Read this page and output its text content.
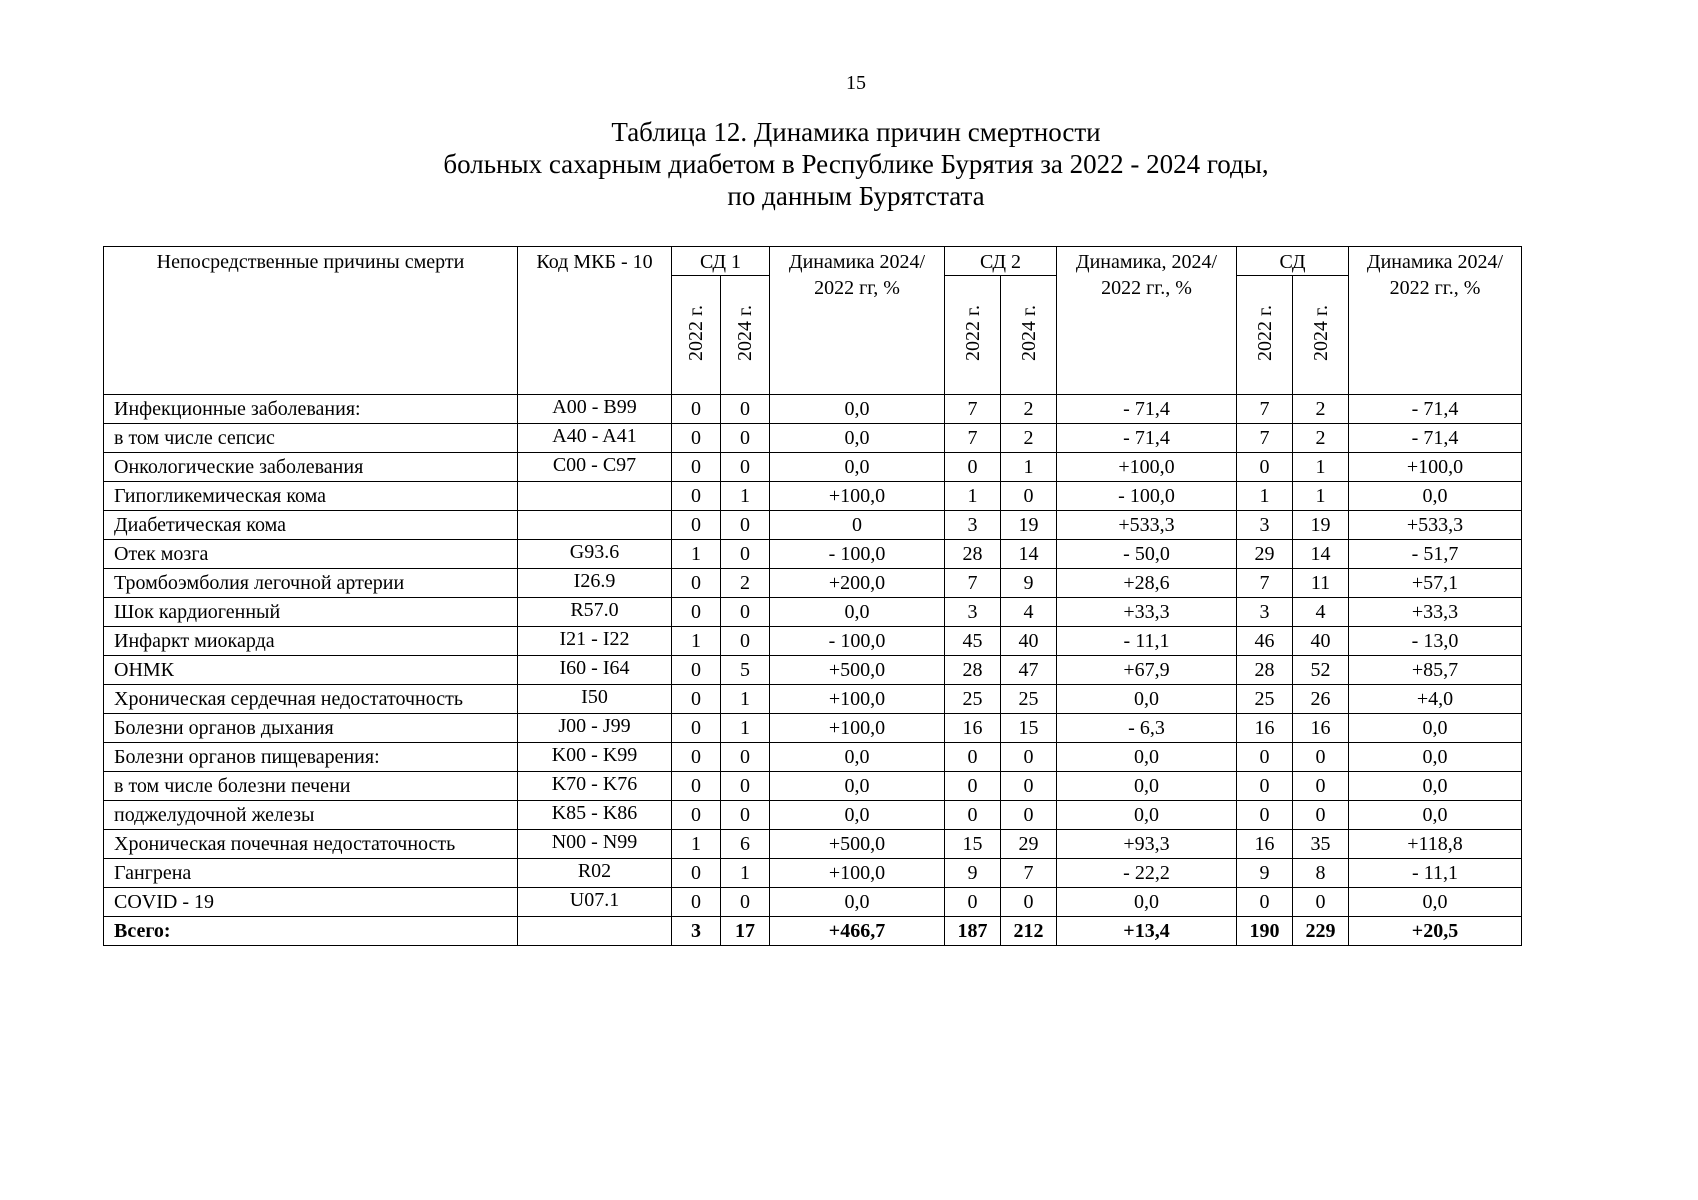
15
Таблица 12. Динамика причин смертности
больных сахарным диабетом в Республике Бурятия за 2022 - 2024 годы,
по данным Бурятстата
Непосредственные причины смерти	Код МКБ - 10	СД 1		Динамика 2024/ 2022 гг, %	СД 2		Динамика, 2024/ 2022 гг., %	СД		Динамика 2024/ 2022 гг., %
		2022 г.	2024 г.		2022 г.	2024 г.		2022 г.	2024 г.	
Инфекционные заболевания:	A00 - B99	0	0	0,0	7	2	- 71,4	7	2	- 71,4
в том числе сепсис	A40 - A41	0	0	0,0	7	2	- 71,4	7	2	- 71,4
Онкологические заболевания	C00 - C97	0	0	0,0	0	1	+100,0	0	1	+100,0
Гипогликемическая кома		0	1	+100,0	1	0	- 100,0	1	1	0,0
Диабетическая кома		0	0	0	3	19	+533,3	3	19	+533,3
Отек мозга	G93.6	1	0	- 100,0	28	14	- 50,0	29	14	- 51,7
Тромбоэмболия легочной артерии	I26.9	0	2	+200,0	7	9	+28,6	7	11	+57,1
Шок кардиогенный	R57.0	0	0	0,0	3	4	+33,3	3	4	+33,3
Инфаркт миокарда	I21 - I22	1	0	- 100,0	45	40	- 11,1	46	40	- 13,0
ОНМК	I60 - I64	0	5	+500,0	28	47	+67,9	28	52	+85,7
Хроническая сердечная недостаточность	I50	0	1	+100,0	25	25	0,0	25	26	+4,0
Болезни органов дыхания	J00 - J99	0	1	+100,0	16	15	- 6,3	16	16	0,0
Болезни органов пищеварения:	K00 - K99	0	0	0,0	0	0	0,0	0	0	0,0
в том числе болезни печени	K70 - K76	0	0	0,0	0	0	0,0	0	0	0,0
поджелудочной железы	K85 - K86	0	0	0,0	0	0	0,0	0	0	0,0
Хроническая почечная недостаточность	N00 - N99	1	6	+500,0	15	29	+93,3	16	35	+118,8
Гангрена	R02	0	1	+100,0	9	7	- 22,2	9	8	- 11,1
COVID - 19	U07.1	0	0	0,0	0	0	0,0	0	0	0,0
Всего:		3	17	+466,7	187	212	+13,4	190	229	+20,5
